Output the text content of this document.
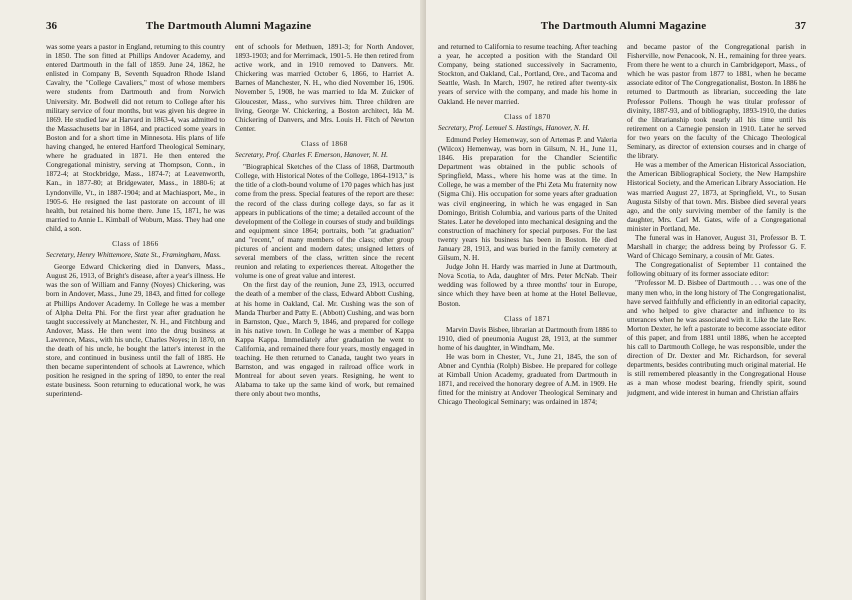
36	The Dartmouth Alumni Magazine

was some years a pastor in England, returning to this country in 1850. The son fitted at Phillips Andover Academy, and entered Dartmouth in the fall of 1859. June 24, 1862, he enlisted in Company B, Seventh Squadron Rhode Island Cavalry, the "College Cavaliers," most of whose members were students from Dartmouth and from Norwich University. Mr. Bodwell did not return to College after his military service of four months, but was given his degree in 1869. He studied law at Harvard in 1863-4, was admitted to the Massachusetts bar in 1864, and practiced some years in Boston and for a short time in Minnesota. His plans of life having changed, he entered Hartford Theological Seminary, where he graduated in 1871. He then entered the Congregational ministry, serving at Thompson, Conn., in 1872-4; at Stockbridge, Mass., 1874-7; at Leavenworth, Kan., in 1877-80; at Bridgewater, Mass., in 1880-6; at Lyndonville, Vt., in 1887-1904; and at Machiasport, Me., in 1905-6. He resigned the last pastorate on account of ill health, but retained his home there. June 15, 1871, he was married to Annie L. Kimball of Woburn, Mass. They had one child, a son.

Class of 1866

Secretary, Henry Whittemore, State St., Framingham, Mass.

George Edward Chickering died in Danvers, Mass., August 26, 1913, of Bright's disease, after a year's illness. He was the son of William and Fanny (Noyes) Chickering, was born in Andover, Mass., June 29, 1843, and fitted for college at Phillips Andover Academy. In College he was a member of Alpha Delta Phi. For the first year after graduation he taught successively at Manchester, N. H., and Fitchburg and Andover, Mass. He then went into the drug business at Lawrence, Mass., with his uncle, Charles Noyes; in 1870, on the death of his uncle, he bought the latter's interest in the store, and continued in business until the fall of 1885. He then became superintendent of schools at Lawrence, which position he resigned in the spring of 1890, to enter the real estate business. Soon returning to educational work, he was superintend-

ent of schools for Methuen, 1891-3; for North Andover, 1893-1903; and for Merrimack, 1901-5. He then retired from active work, and in 1910 removed to Danvers. Mr. Chickering was married October 6, 1866, to Harriet A. Barnes of Manchester, N. H., who died November 16, 1906. November 5, 1908, he was married to Ida M. Zuicker of Gloucester, Mass., who survives him. Three children are living, George W. Chickering, a Boston architect, Ida M. Chickering of Danvers, and Mrs. Louis H. Fitch of Newton Center.

Class of 1868

Secretary, Prof. Charles F. Emerson, Hanover, N. H.

"Biographical Sketches of the Class of 1868, Dartmouth College, with Historical Notes of the College, 1864-1913," is the title of a cloth-bound volume of 170 pages which has just come from the press. Special features of the report are these: the record of the class during college days, so far as it appears in publications of the time; a detailed account of the development of the College in courses of study and buildings and equipment since 1864; portraits, both "at graduation" and "recent," of many members of the class; other group pictures of ancient and modern dates; unsigned letters of several members of the class, written since the recent reunion and relating to experiences thereat. Altogether the volume is one of great value and interest.

On the first day of the reunion, June 23, 1913, occurred the death of a member of the class, Edward Abbott Cushing, at his home in Oakland, Cal. Mr. Cushing was the son of Manda Thurber and Patty E. (Abbott) Cushing, and was born in Barnston, Que., March 9, 1846, and prepared for college in his native town. In College he was a member of Kappa Kappa Kappa. Immediately after graduation he went to California, and remained there four years, mostly engaged in teaching. He then returned to Canada, taught two years in Barnston, and was engaged in railroad office work in Montreal for about seven years. Resigning, he went to Alabama to take up the same kind of work, but remained there only about two months,

The Dartmouth Alumni Magazine	37

and returned to California to resume teaching. After teaching a year, he accepted a position with the Standard Oil Company, being stationed successively in Sacramento, Stockton, and Oakland, Cal., Portland, Ore., and Tacoma and Seattle, Wash. In March, 1907, he retired after twenty-six years of service with the company, and made his home in Oakland. He never married.

Class of 1870

Secretary, Prof. Lemuel S. Hastings, Hanover, N. H.

Edmund Perley Hemenway, son of Artemas P. and Valeria (Wilcox) Hemenway, was born in Gilsum, N. H., June 11, 1846. His preparation for the Chandler Scientific Department was obtained in the public schools of Springfield, Mass., where his home was at the time. In College, he was a member of the Phi Zeta Mu fraternity now (Sigma Chi). His occupation for some years after graduation was civil engineering, in which he was engaged in San Domingo, British Columbia, and various parts of the United States. Later he developed into mechanical designing and the construction of machinery for special purposes. For the last twenty years his business has been in Boston. He died January 28, 1913, and was buried in the family cemetery at Gilsum, N. H.

Judge John H. Hardy was married in June at Dartmouth, Nova Scotia, to Ada, daughter of Mrs. Peter McNab. Their wedding was followed by a three months' tour in Europe, since which they have been at home at the Hotel Bellevue, Boston.

Class of 1871

Marvin Davis Bisbee, librarian at Dartmouth from 1886 to 1910, died of pneumonia August 28, 1913, at the summer home of his daughter, in Windham, Me.

He was born in Chester, Vt., June 21, 1845, the son of Abner and Cynthia (Rolph) Bisbee. He prepared for college at Kimball Union Academy, graduated from Dartmouth in 1871, and received the honorary degree of A.M. in 1909. He fitted for the ministry at Andover Theological Seminary and Chicago Theological Seminary; was ordained in 1874;

and became pastor of the Congregational parish in Fisherville, now Penacook, N. H., remaining for three years. From there he went to a church in Cambridgeport, Mass., of which he was pastor from 1877 to 1881, when he became associate editor of The Congregationalist, Boston. In 1886 he returned to Dartmouth as librarian, succeeding the late Professor Pollens. Though he was titular professor of divinity, 1887-93, and of bibliography, 1893-1910, the duties of the librarianship took nearly all his time until his retirement on a Carnegie pension in 1910. Later he served for two years on the faculty of the Chicago Theological Seminary, as director of extension courses and in charge of the library.

He was a member of the American Historical Association, the American Bibliographical Society, the New Hampshire Historical Society, and the American Library Association. He was married August 27, 1873, at Springfield, Vt., to Susan Augusta Silsby of that town. Mrs. Bisbee died several years ago, and the only surviving member of the family is the daughter, Mrs. Carl M. Gates, wife of a Congregational minister in Portland, Me.

The funeral was in Hanover, August 31, Professor B. T. Marshall in charge; the address being by Professor G. F. Ward of Chicago Seminary, a cousin of Mr. Gates.

The Congregationalist of September 11 contained the following obituary of its former associate editor:

"Professor M. D. Bisbee of Dartmouth . . . was one of the many men who, in the long history of The Congregationalist, have served faithfully and efficiently in an editorial capacity, and who helped to give character and influence to its utterances when he was associated with it. Like the late Rev. Morton Dexter, he left a pastorate to become associate editor of this paper, and from 1881 until 1886, when he accepted his call to Dartmouth College, he was responsible, under the direction of Dr. Dexter and Mr. Richardson, for several departments, besides contributing much original material. He is still remembered pleasantly in the Congregational House as a man whose modest bearing, friendly spirit, sound judgment, and wide interest in human and Christian affairs
